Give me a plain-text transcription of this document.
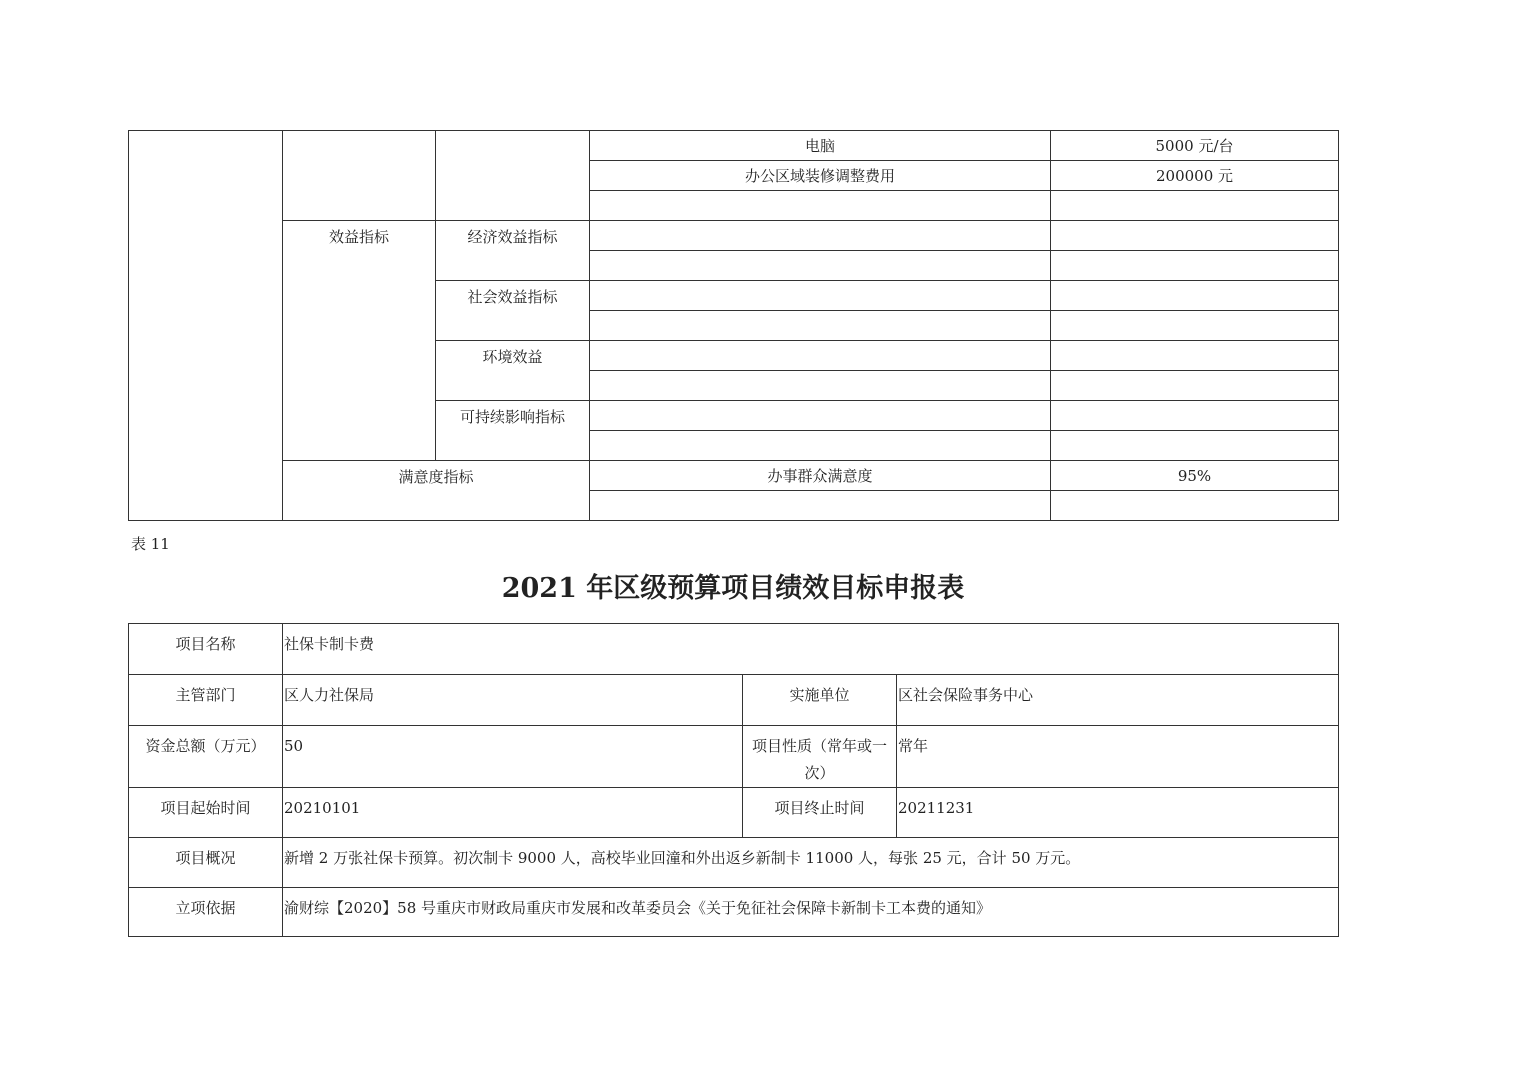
			电脑	5000 元/台
			办公区域装修调整费用	200000 元

	效益指标	经济效益指标		

		社会效益指标		

		环境效益		

		可持续影响指标		

	满意度指标		办事群众满意度	95%

表 11
2021 年区级预算项目绩效目标申报表
项目名称	社保卡制卡费		
主管部门	区人力社保局	实施单位	区社会保险事务中心
资金总额（万元）	50	项目性质（常年或一次）	常年
项目起始时间	20210101	项目终止时间	20211231
项目概况	新增 2 万张社保卡预算。初次制卡 9000 人，高校毕业回潼和外出返乡新制卡 11000 人，每张 25 元，合计 50 万元。		
立项依据	渝财综【2020】58 号重庆市财政局重庆市发展和改革委员会《关于免征社会保障卡新制卡工本费的通知》		
